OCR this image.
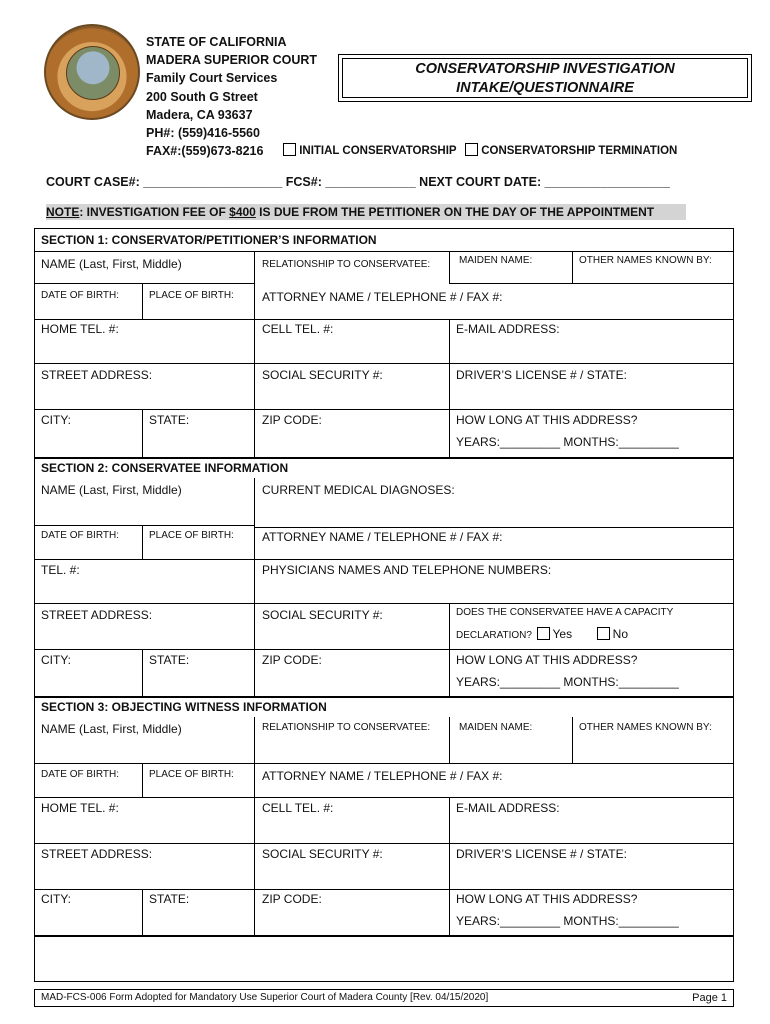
STATE OF CALIFORNIA
MADERA SUPERIOR COURT
Family Court Services
200 South G Street
Madera, CA 93637
PH#: (559)416-5560
FAX#:(559)673-8216
CONSERVATORSHIP INVESTIGATION
INTAKE/QUESTIONNAIRE
INITIAL CONSERVATORSHIP	CONSERVATORSHIP TERMINATION
COURT CASE#: ____________________ FCS#: _____________ NEXT COURT DATE: __________________
NOTE: INVESTIGATION FEE OF $400 IS DUE FROM THE PETITIONER ON THE DAY OF THE APPOINTMENT
SECTION 1: CONSERVATOR/PETITIONER’S INFORMATION
NAME (Last, First, Middle)	RELATIONSHIP TO CONSERVATEE:	MAIDEN NAME:	OTHER NAMES KNOWN BY:
DATE OF BIRTH:	PLACE OF BIRTH: ATTORNEY NAME / TELEPHONE # / FAX #:
HOME TEL. #:	CELL TEL. #:	E-MAIL ADDRESS:
STREET ADDRESS:	SOCIAL SECURITY #:	DRIVER’S LICENSE # / STATE:
CITY:	STATE:	ZIP CODE:	HOW LONG AT THIS ADDRESS?
YEARS:_________ MONTHS:_________
SECTION 2: CONSERVATEE INFORMATION
NAME (Last, First, Middle)	CURRENT MEDICAL DIAGNOSES:
DATE OF BIRTH:	PLACE OF BIRTH: ATTORNEY NAME / TELEPHONE # / FAX #:
TEL. #:	PHYSICIANS NAMES AND TELEPHONE NUMBERS:
STREET ADDRESS:	SOCIAL SECURITY #:	DOES THE CONSERVATEE HAVE A CAPACITY
DECLARATION? Yes	No
CITY:	STATE:	ZIP CODE:	HOW LONG AT THIS ADDRESS?
YEARS:_________ MONTHS:_________
SECTION 3: OBJECTING WITNESS INFORMATION
NAME (Last, First, Middle)	RELATIONSHIP TO CONSERVATEE:	MAIDEN NAME:	OTHER NAMES KNOWN BY:
DATE OF BIRTH:	PLACE OF BIRTH: ATTORNEY NAME / TELEPHONE # / FAX #:
HOME TEL. #:	CELL TEL. #:	E-MAIL ADDRESS:
STREET ADDRESS:	SOCIAL SECURITY #:	DRIVER’S LICENSE # / STATE:
CITY:	STATE:	ZIP CODE:	HOW LONG AT THIS ADDRESS?
YEARS:_________ MONTHS:_________
MAD-FCS-006 Form Adopted for Mandatory Use Superior Court of Madera County [Rev. 04/15/2020]	Page 1
